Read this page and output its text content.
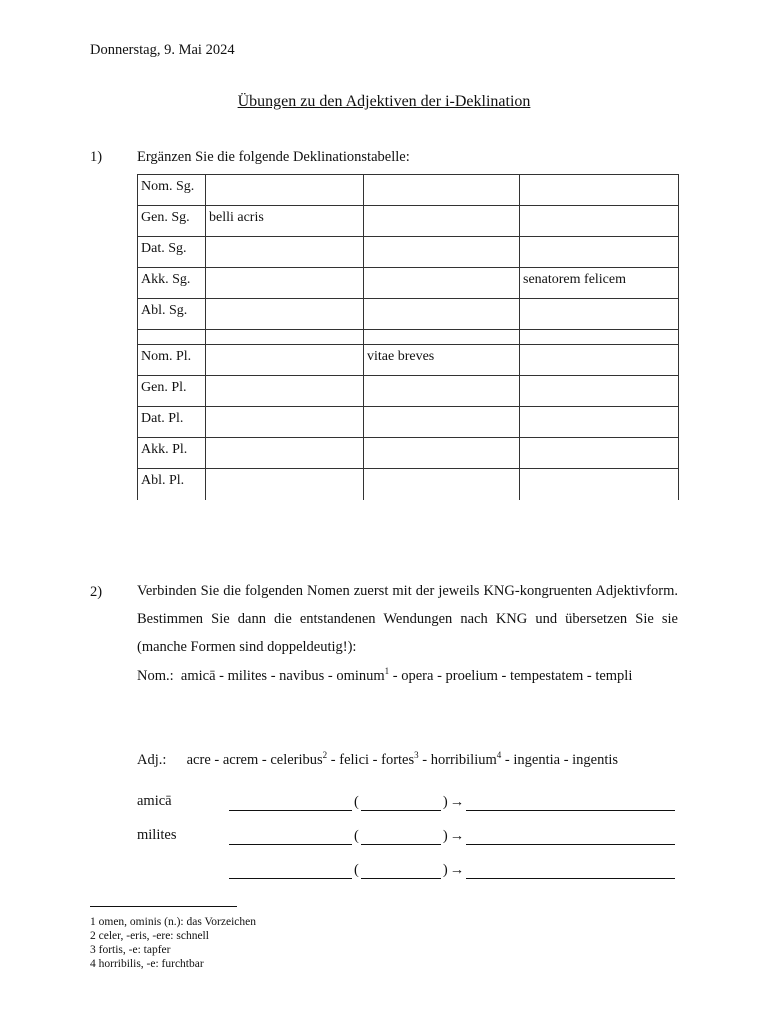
Donnerstag, 9. Mai 2024
Übungen zu den Adjektiven der i-Deklination
1) Ergänzen Sie die folgende Deklinationstabelle:
Nom. Sg.			
Gen. Sg.	belli acris		
Dat. Sg.			
Akk. Sg.			senatorem felicem
Abl. Sg.			

Nom. Pl.		vitae breves	
Gen. Pl.			
Dat. Pl.			
Akk. Pl.			
Abl. Pl.			
2) Verbinden Sie die folgenden Nomen zuerst mit der jeweils KNG-kongruenten Adjektivform. Bestimmen Sie dann die entstandenen Wendungen nach KNG und übersetzen Sie sie (manche Formen sind doppeldeutig!):
Nom.: amicā - milites - navibus - ominum$^1$ - opera - proelium - tempestatem - templi
Adj.: acre - acrem - celeribus$^2$ - felici - fortes$^3$ - horribilium$^4$ - ingentia - ingentis
amicā	(	) →
milites	(	) →
(	) →
1 omen, ominis (n.): das Vorzeichen
2 celer, -eris, -ere: schnell
3 fortis, -e: tapfer
4 horribilis, -e: furchtbar
